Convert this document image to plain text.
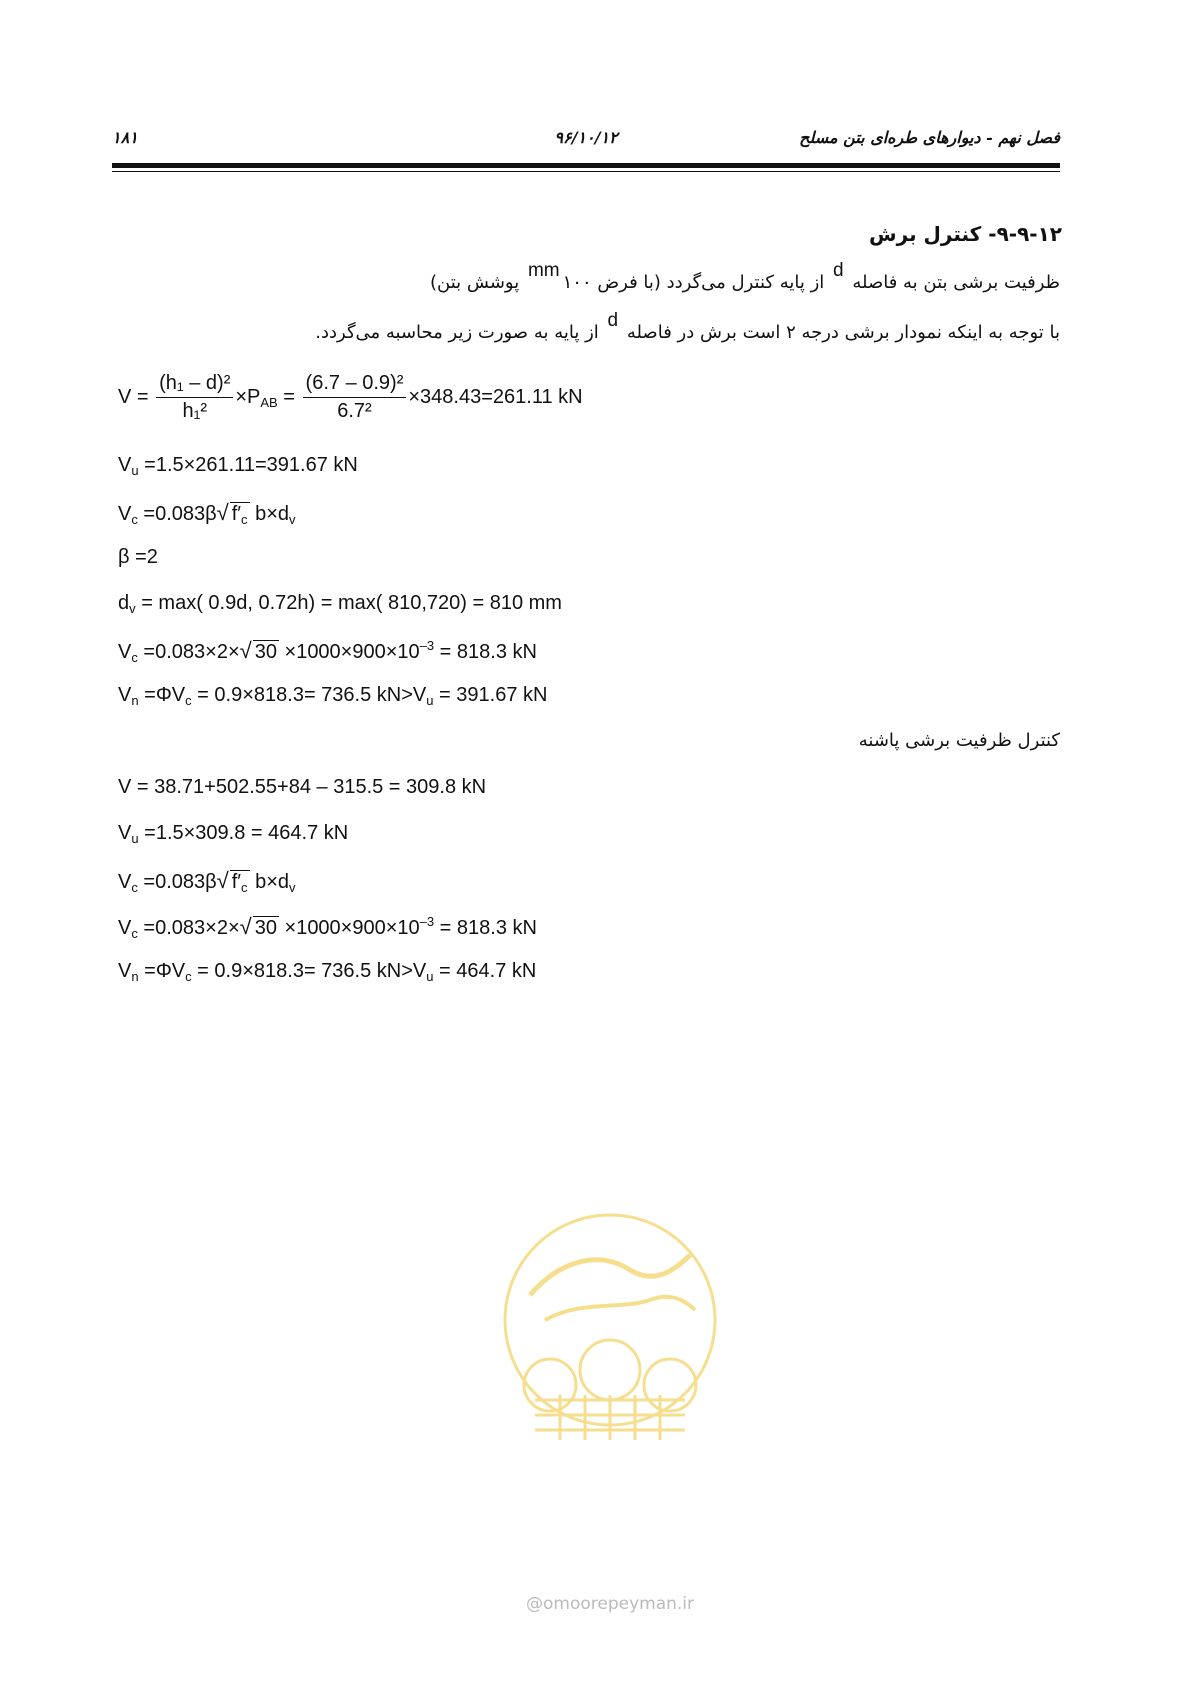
فصل نهم - دیوارهای طره‌ای بتن مسلح
۹۶/۱۰/۱۲
۱۸۱
۹-۹-۱۲- کنترل برش
ظرفیت برشی بتن به فاصله d از پایه کنترل می‌گردد (با فرض mm۱۰۰ پوشش بتن)
با توجه به اینکه نمودار برشی درجه ۲ است برش در فاصله d از پایه به صورت زیر محاسبه می‌گردد.
$V = \frac{\text{(h₁ – d)²}}{\text{h₁²}} \times P_{AB} = \frac{\text{(6.7 – 0.9)²}}{\text{6.7²}} \times 348.43=261.11$ kN
$V_u =1.5\times 261.11=391.67$ kN
$V_c =0.083\beta√$ $f'_c$ $b\times d_v$
β =2
$d_v = \max$( 0.9d, 0.72h) = max( 810,720) = 810 mm
$V_c =0.083\times 2\times√$ $30 \times 1000\times 900\times 10^{-3} = 818.3$ kN
$V_n =\Phi V_c = 0.9\times 818.3= 736.5$ $kN>V_u = 391.67$ kN
کنترل ظرفیت برشی پاشنه
V = 38.71+502.55+84 – 315.5 = 309.8 kN
$V_u =1.5\times 309.8 = 464.7$ kN
$V_c =0.083\beta√$ $f'_c$ $b\times d_v$
$V_c =0.083\times 2\times√$ $30 \times 1000\times 900\times 10^{-3} = 818.3$ kN
$V_n =\Phi V_c = 0.9\times 818.3= 736.5$ $kN>V_u = 464.7$ kN
@omoorepeyman.ir
